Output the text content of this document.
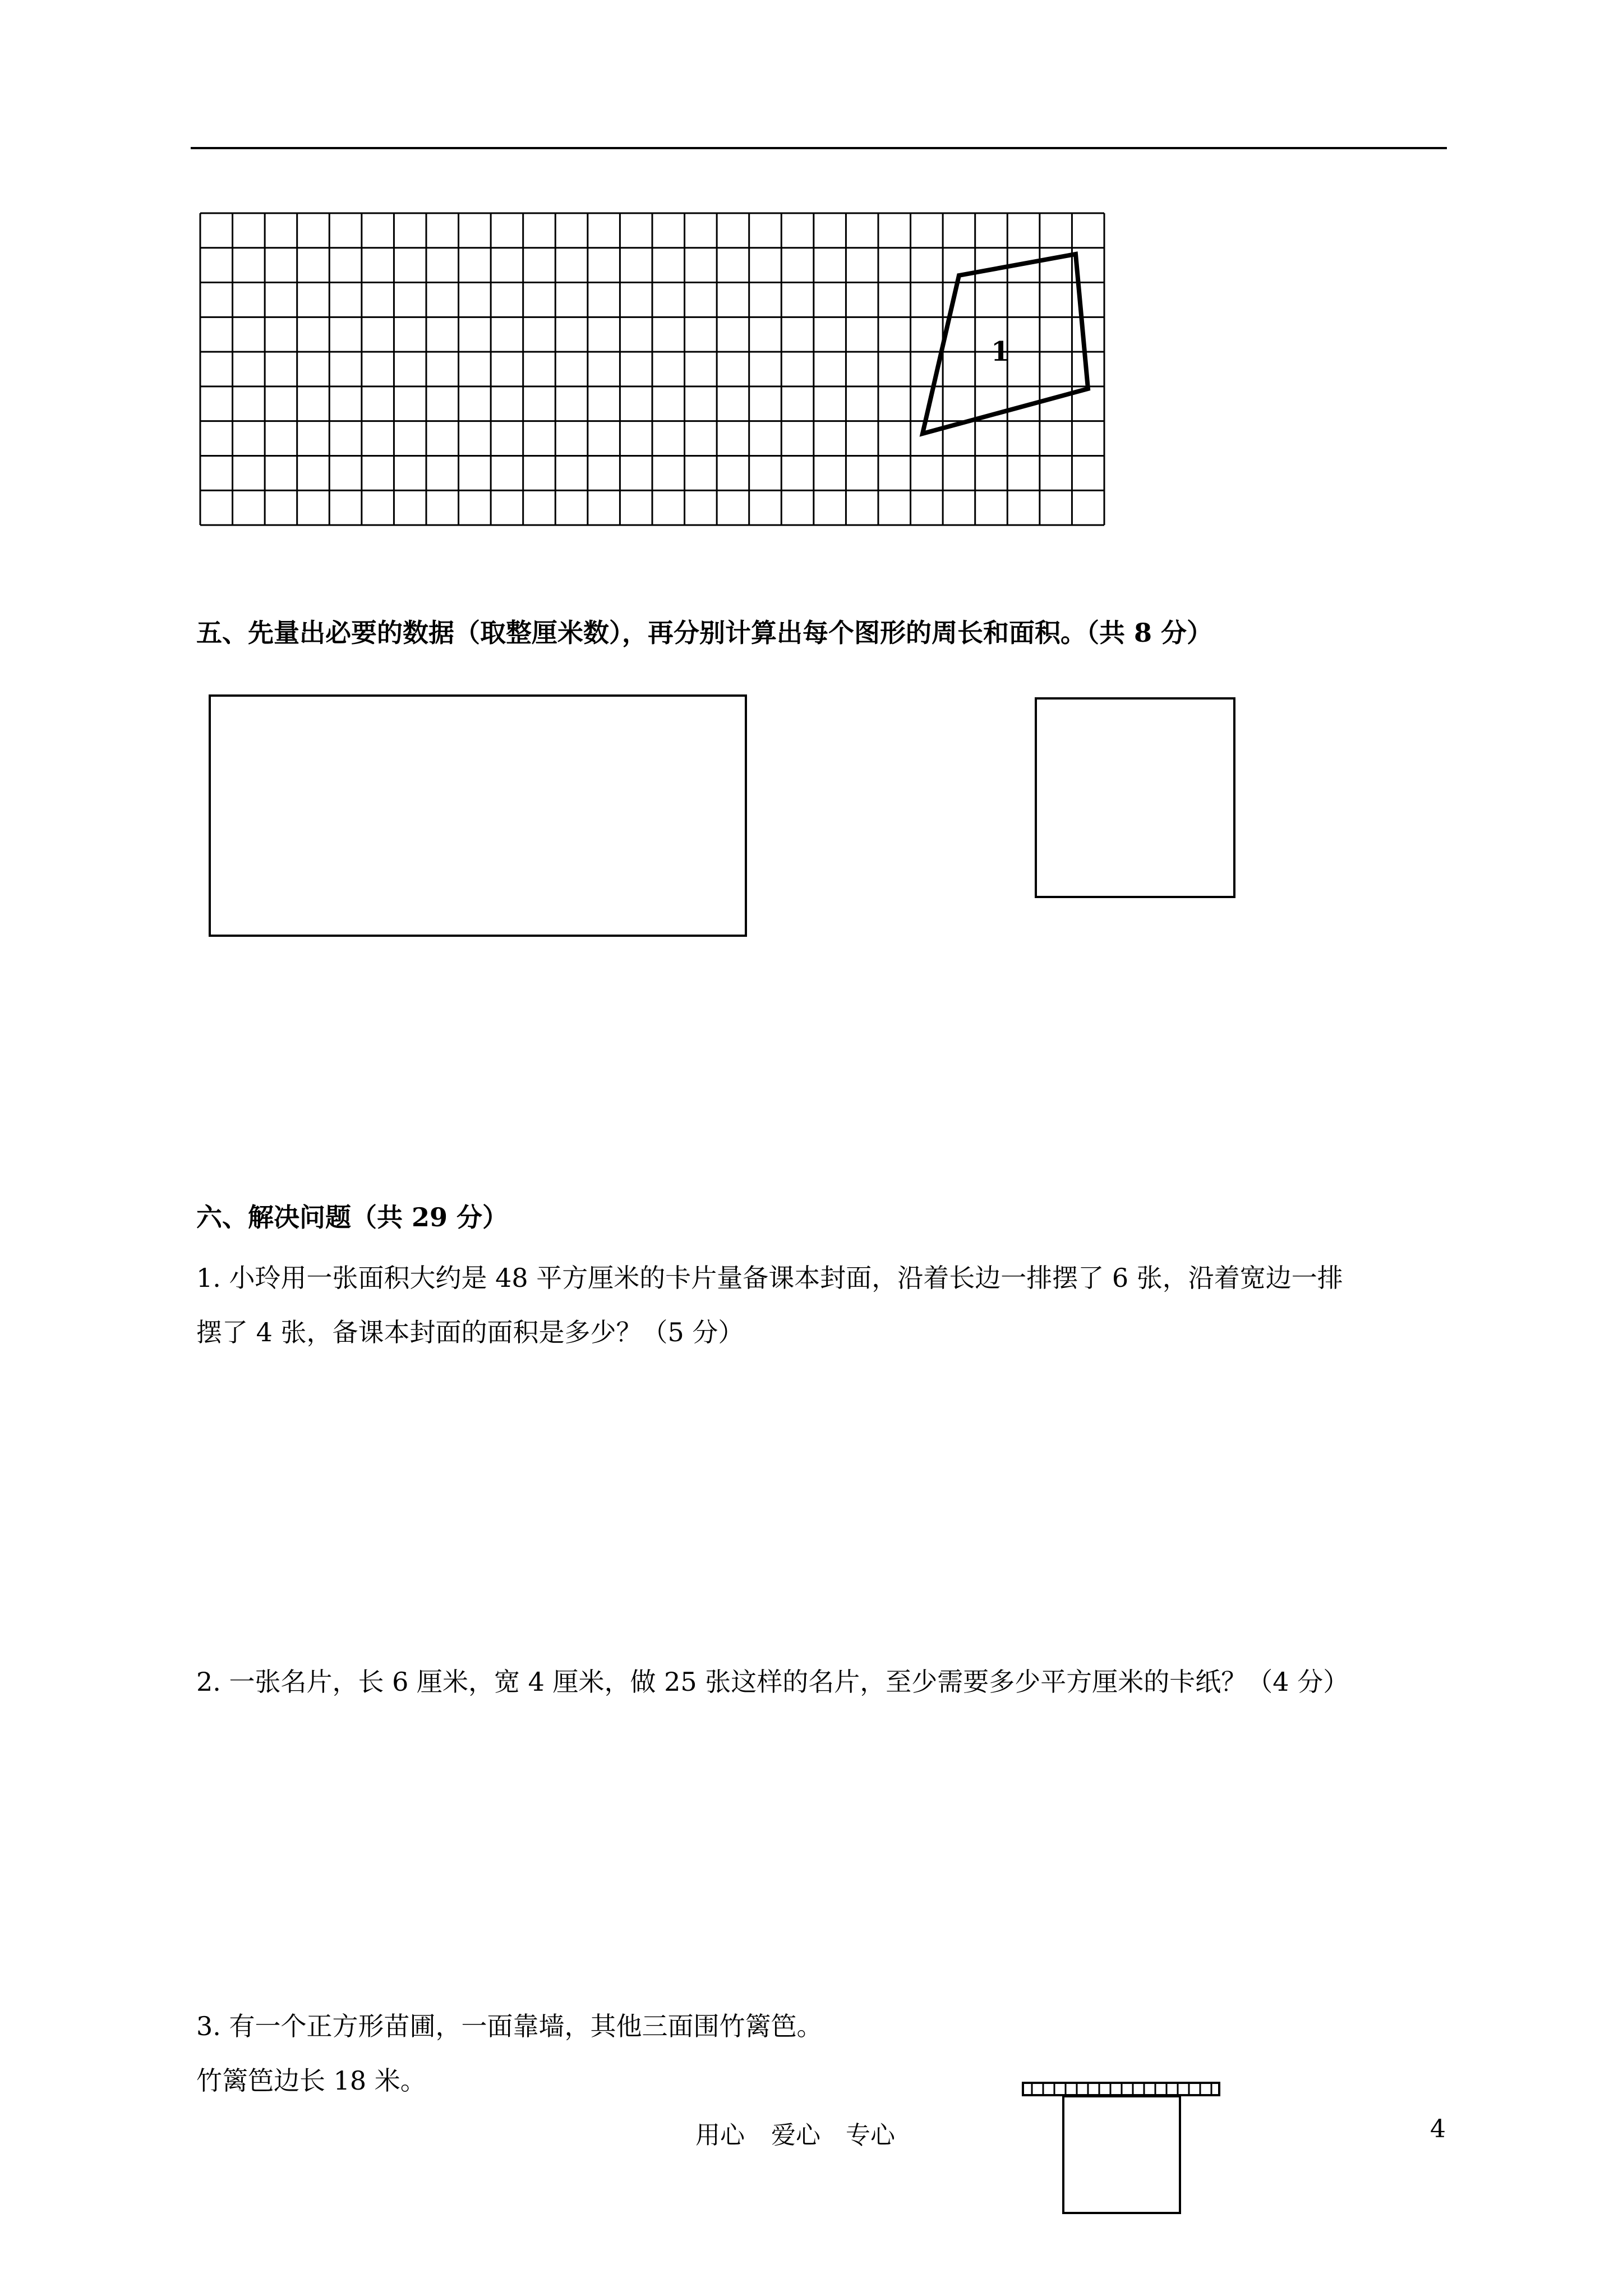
1
五、先量出必要的数据（取整厘米数），再分别计算出每个图形的周长和面积。（共 8 分）
六、解决问题（共 29 分）
1. 小玲用一张面积大约是 48 平方厘米的卡片量备课本封面，沿着长边一排摆了 6 张，沿着宽边一排
摆了 4 张，备课本封面的面积是多少？（5 分）
2. 一张名片，长 6 厘米，宽 4 厘米，做 25 张这样的名片，至少需要多少平方厘米的卡纸？（4 分）
3. 有一个正方形苗圃，一面靠墙，其他三面围竹篱笆。
竹篱笆边长 18 米。
用心 爱心 专心	4
